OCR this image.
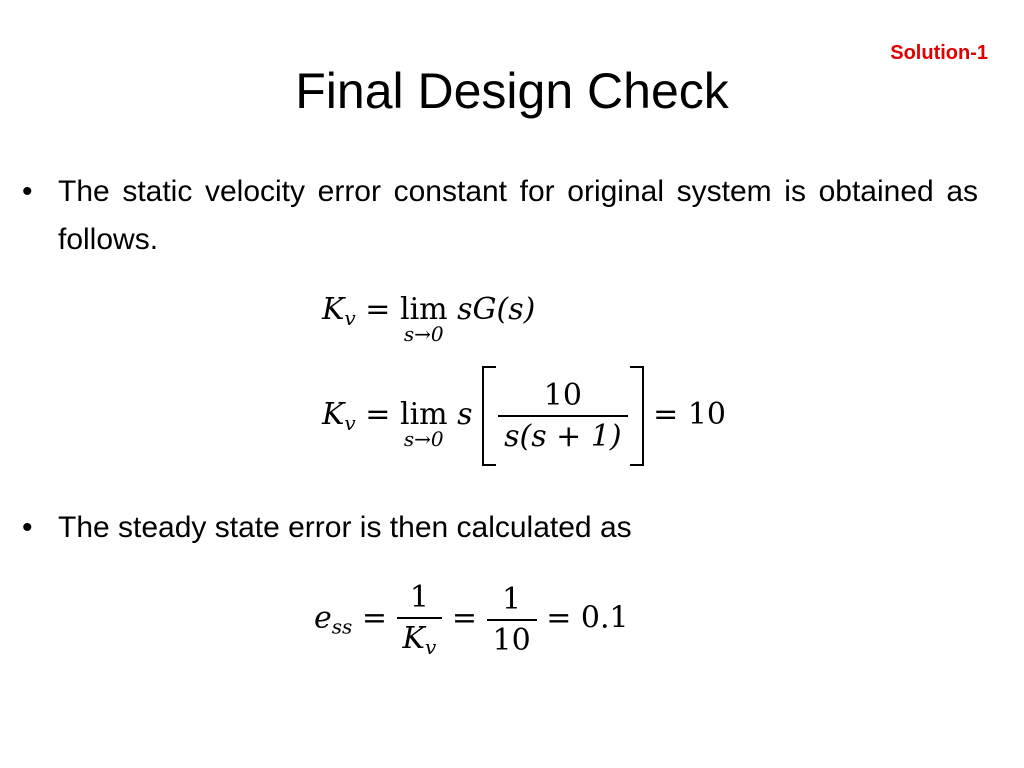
Solution-1
Final Design Check
• The static velocity error constant for original system is obtained as follows.
$K_v = \lim$
s→0
sG(s)
$K_v = \lim$
s→0
s $\frac{10}{s(s + 1)} = 10$
• The steady state error is then calculated as
$e_{ss} = \frac{1}{K_v} = \frac{1}{10} = 0.1$
